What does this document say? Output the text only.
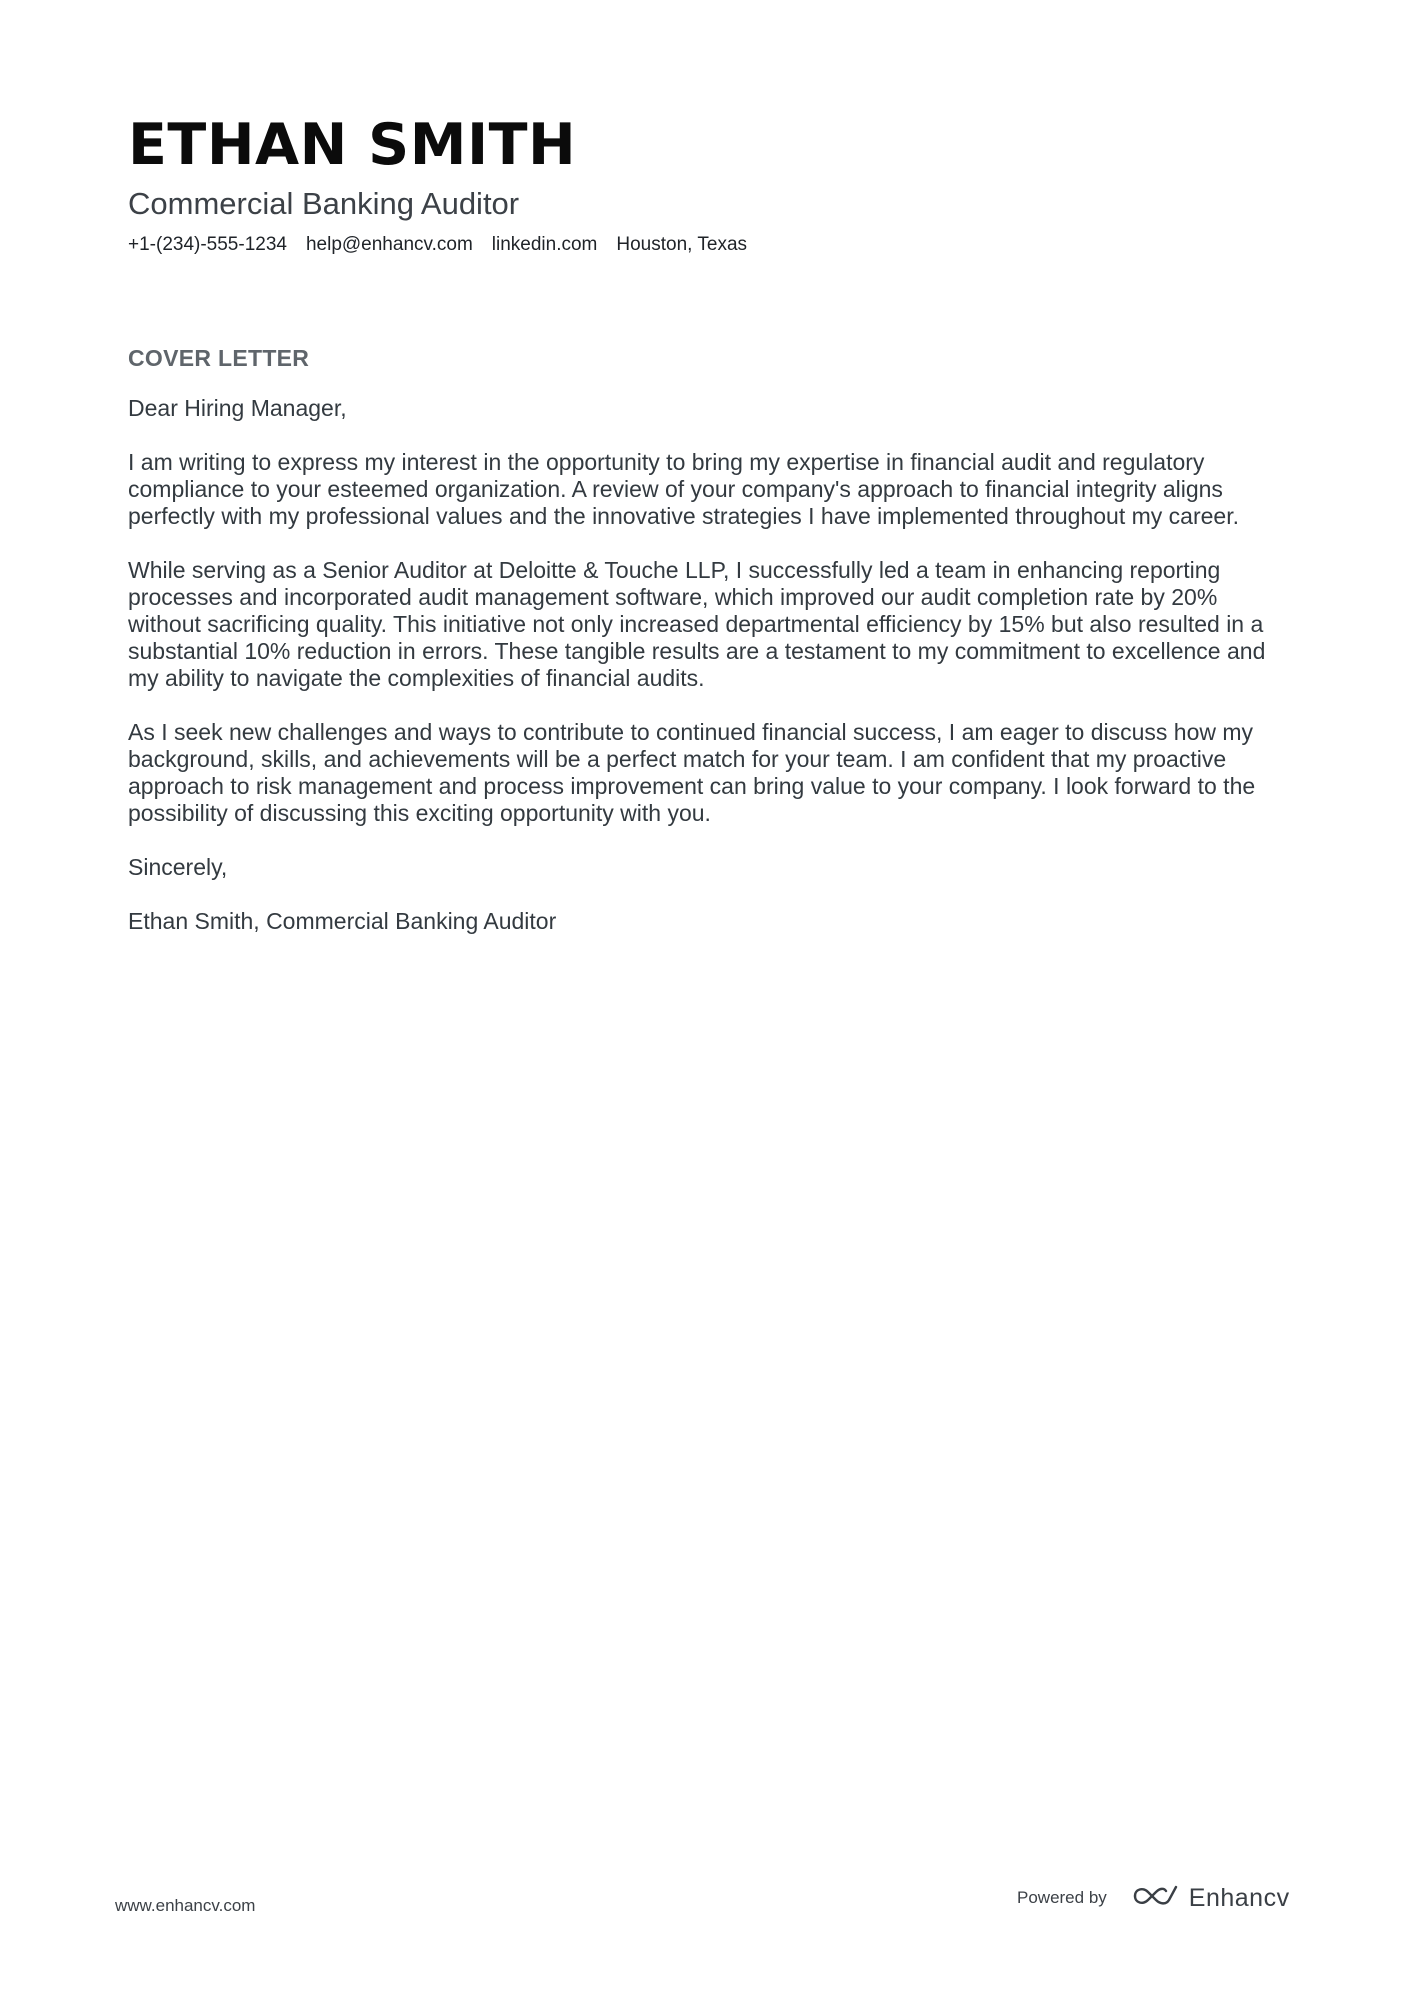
ETHAN SMITH
Commercial Banking Auditor
+1-(234)-555-1234 help@enhancv.com linkedin.com Houston, Texas
COVER LETTER

Dear Hiring Manager,

I am writing to express my interest in the opportunity to bring my expertise in financial audit and regulatory compliance to your esteemed organization. A review of your company's approach to financial integrity aligns perfectly with my professional values and the innovative strategies I have implemented throughout my career.

While serving as a Senior Auditor at Deloitte & Touche LLP, I successfully led a team in enhancing reporting processes and incorporated audit management software, which improved our audit completion rate by 20% without sacrificing quality. This initiative not only increased departmental efficiency by 15% but also resulted in a substantial 10% reduction in errors. These tangible results are a testament to my commitment to excellence and my ability to navigate the complexities of financial audits.

As I seek new challenges and ways to contribute to continued financial success, I am eager to discuss how my background, skills, and achievements will be a perfect match for your team. I am confident that my proactive approach to risk management and process improvement can bring value to your company. I look forward to the possibility of discussing this exciting opportunity with you.

Sincerely,

Ethan Smith, Commercial Banking Auditor

www.enhancv.com	Powered by	Enhancv
